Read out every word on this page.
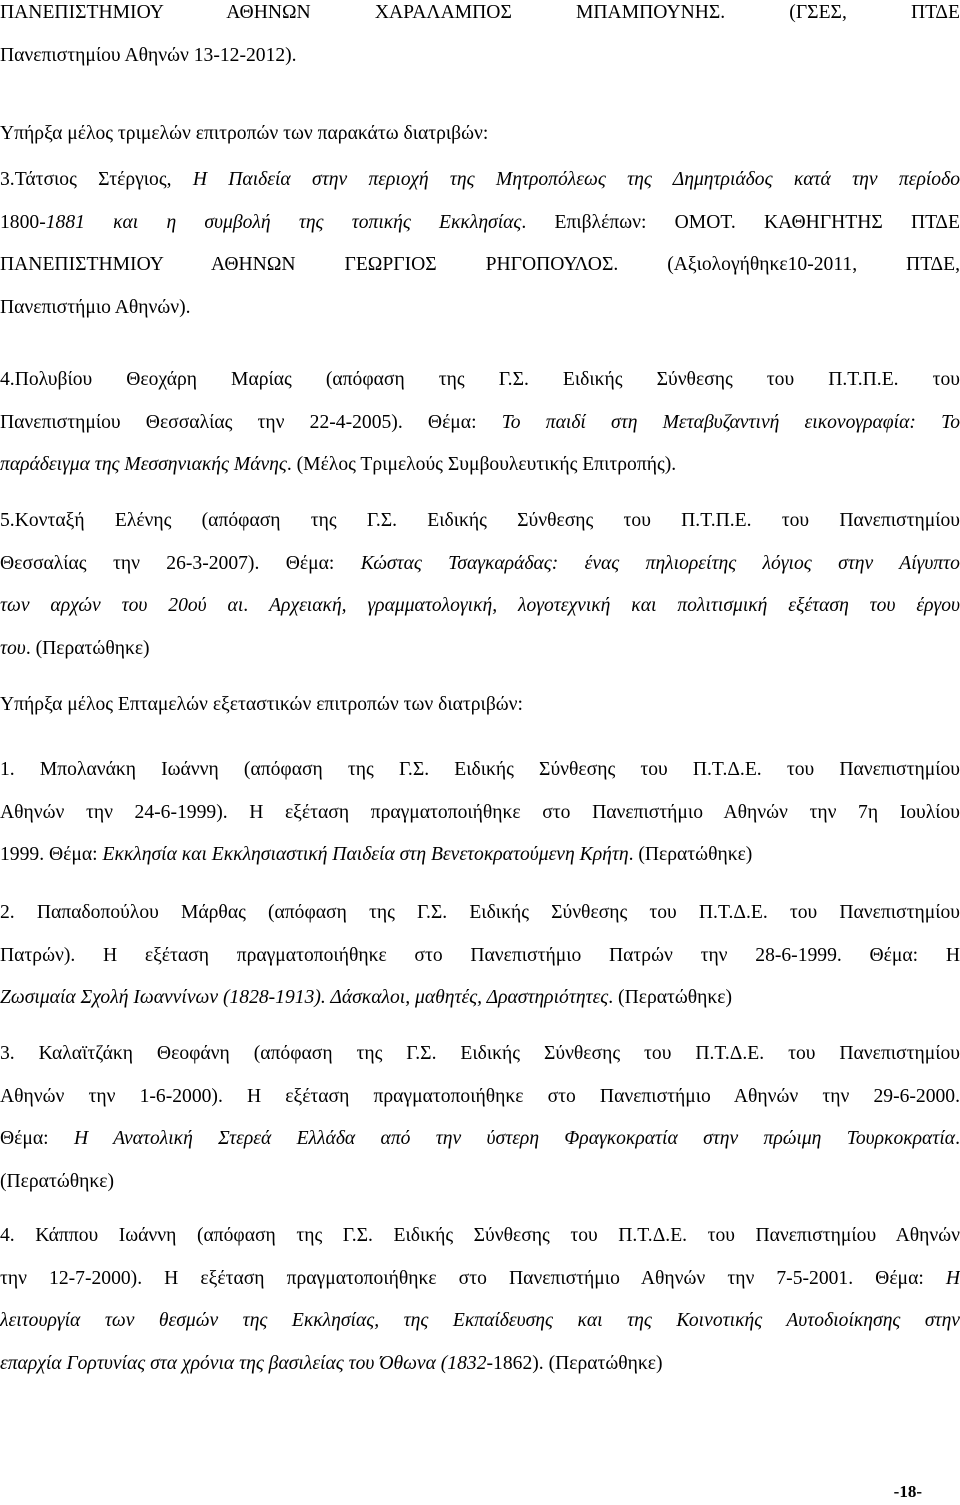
ΠΑΝΕΠΙΣΤΗΜΙΟΥ ΑΘΗΝΩΝ ΧΑΡΑΛΑΜΠΟΣ ΜΠΑΜΠΟΥΝΗΣ. (ΓΣΕΣ, ΠΤΔΕ
Πανεπιστημίου Αθηνών 13-12-2012).

Υπήρξα μέλος τριμελών επιτροπών των παρακάτω διατριβών:

3.Τάτσιος Στέργιος, Η Παιδεία στην περιοχή της Μητροπόλεως της Δημητριάδος κατά την περίοδο
1800-1881 και η συμβολή της τοπικής Εκκλησίας. Επιβλέπων: ΟΜΟΤ. ΚΑΘΗΓΗΤΗΣ ΠΤΔΕ
ΠΑΝΕΠΙΣΤΗΜΙΟΥ ΑΘΗΝΩΝ ΓΕΩΡΓΙΟΣ ΡΗΓΟΠΟΥΛΟΣ. (Αξιολογήθηκε10-2011, ΠΤΔΕ,
Πανεπιστήμιο Αθηνών).

4.Πολυβίου Θεοχάρη Μαρίας (απόφαση της Γ.Σ. Ειδικής Σύνθεσης του Π.Τ.Π.Ε. του
Πανεπιστημίου Θεσσαλίας την 22-4-2005). Θέμα: Το παιδί στη Μεταβυζαντινή εικονογραφία: Το
παράδειγμα της Μεσσηνιακής Μάνης. (Μέλος Τριμελούς Συμβουλευτικής Επιτροπής).

5.Κονταξή Ελένης (απόφαση της Γ.Σ. Ειδικής Σύνθεσης του Π.Τ.Π.Ε. του Πανεπιστημίου
Θεσσαλίας την 26-3-2007). Θέμα: Κώστας Τσαγκαράδας: ένας πηλιορείτης λόγιος στην Αίγυπτο
των αρχών του 20ού αι. Αρχειακή, γραμματολογική, λογοτεχνική και πολιτισμική εξέταση του έργου
του. (Περατώθηκε)

Υπήρξα μέλος Επταμελών εξεταστικών επιτροπών των διατριβών:

1. Μπολανάκη Ιωάννη (απόφαση της Γ.Σ. Ειδικής Σύνθεσης του Π.Τ.Δ.Ε. του Πανεπιστημίου
Αθηνών την 24-6-1999). Η εξέταση πραγματοποιήθηκε στο Πανεπιστήμιο Αθηνών την 7η Ιουλίου
1999. Θέμα: Εκκλησία και Εκκλησιαστική Παιδεία στη Βενετοκρατούμενη Κρήτη. (Περατώθηκε)

2. Παπαδοπούλου Μάρθας (απόφαση της Γ.Σ. Ειδικής Σύνθεσης του Π.Τ.Δ.Ε. του Πανεπιστημίου
Πατρών). Η εξέταση πραγματοποιήθηκε στο Πανεπιστήμιο Πατρών την 28-6-1999. Θέμα: Η
Ζωσιμαία Σχολή Ιωαννίνων (1828-1913). Δάσκαλοι, μαθητές, Δραστηριότητες. (Περατώθηκε)

3. Καλαϊτζάκη Θεοφάνη (απόφαση της Γ.Σ. Ειδικής Σύνθεσης του Π.Τ.Δ.Ε. του Πανεπιστημίου
Αθηνών την 1-6-2000). Η εξέταση πραγματοποιήθηκε στο Πανεπιστήμιο Αθηνών την 29-6-2000.
Θέμα: Η Ανατολική Στερεά Ελλάδα από την ύστερη Φραγκοκρατία στην πρώιμη Τουρκοκρατία.
(Περατώθηκε)

4. Κάππου Ιωάννη (απόφαση της Γ.Σ. Ειδικής Σύνθεσης του Π.Τ.Δ.Ε. του Πανεπιστημίου Αθηνών
την 12-7-2000). Η εξέταση πραγματοποιήθηκε στο Πανεπιστήμιο Αθηνών την 7-5-2001. Θέμα: Η
λειτουργία των θεσμών της Εκκλησίας, της Εκπαίδευσης και της Κοινοτικής Αυτοδιοίκησης στην
επαρχία Γορτυνίας στα χρόνια της βασιλείας του Όθωνα (1832-1862). (Περατώθηκε)

-18-
